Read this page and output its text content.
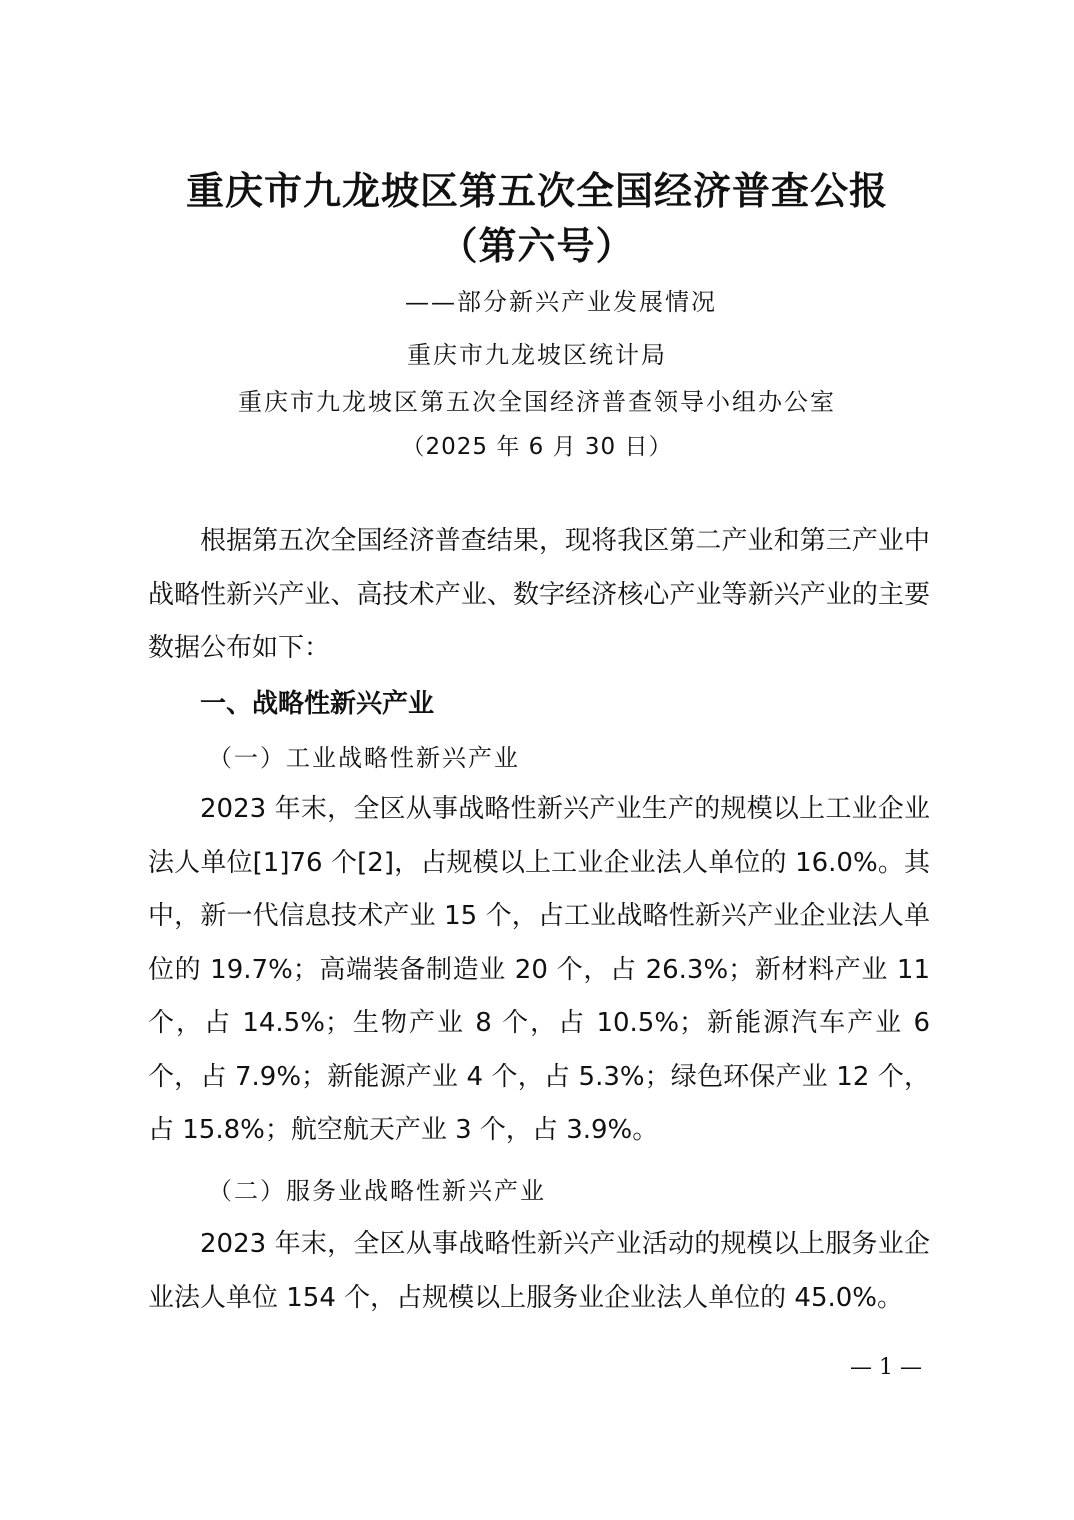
重庆市九龙坡区第五次全国经济普查公报
（第六号）
——部分新兴产业发展情况
重庆市九龙坡区统计局
重庆市九龙坡区第五次全国经济普查领导小组办公室
（2025 年 6 月 30 日）

根据第五次全国经济普查结果，现将我区第二产业和第三产业中战略性新兴产业、高技术产业、数字经济核心产业等新兴产业的主要数据公布如下：

一、战略性新兴产业
（一）工业战略性新兴产业

2023 年末，全区从事战略性新兴产业生产的规模以上工业企业法人单位[1]76 个[2]，占规模以上工业企业法人单位的 16.0%。其中，新一代信息技术产业 15 个，占工业战略性新兴产业企业法人单位的 19.7%；高端装备制造业 20 个，占 26.3%；新材料产业 11 个，占 14.5%；生物产业 8 个，占 10.5%；新能源汽车产业 6 个，占 7.9%；新能源产业 4 个，占 5.3%；绿色环保产业 12 个，占 15.8%；航空航天产业 3 个，占 3.9%。

（二）服务业战略性新兴产业

2023 年末，全区从事战略性新兴产业活动的规模以上服务业企业法人单位 154 个，占规模以上服务业企业法人单位的 45.0%。

— 1 —
